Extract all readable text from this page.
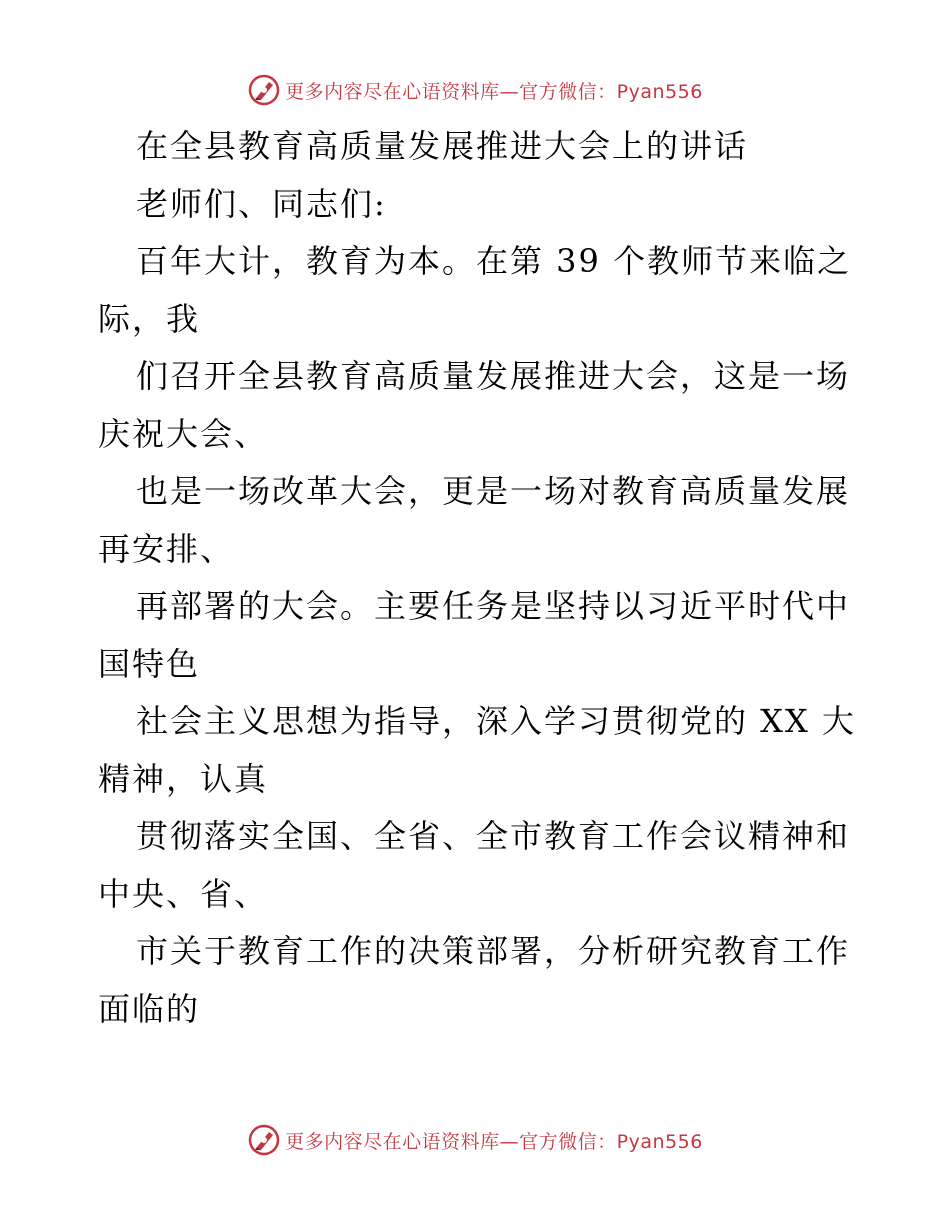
更多内容尽在心语资料库—官方微信：Pyan556
在全县教育高质量发展推进大会上的讲话
老师们、同志们:
百年大计，教育为本。在第 39 个教师节来临之
际，我
们召开全县教育高质量发展推进大会，这是一场
庆祝大会、
也是一场改革大会，更是一场对教育高质量发展
再安排、
再部署的大会。主要任务是坚持以习近平时代中
国特色
社会主义思想为指导，深入学习贯彻党的 XX 大
精神，认真
贯彻落实全国、全省、全市教育工作会议精神和
中央、省、
市关于教育工作的决策部署，分析研究教育工作
面临的
更多内容尽在心语资料库—官方微信：Pyan556
